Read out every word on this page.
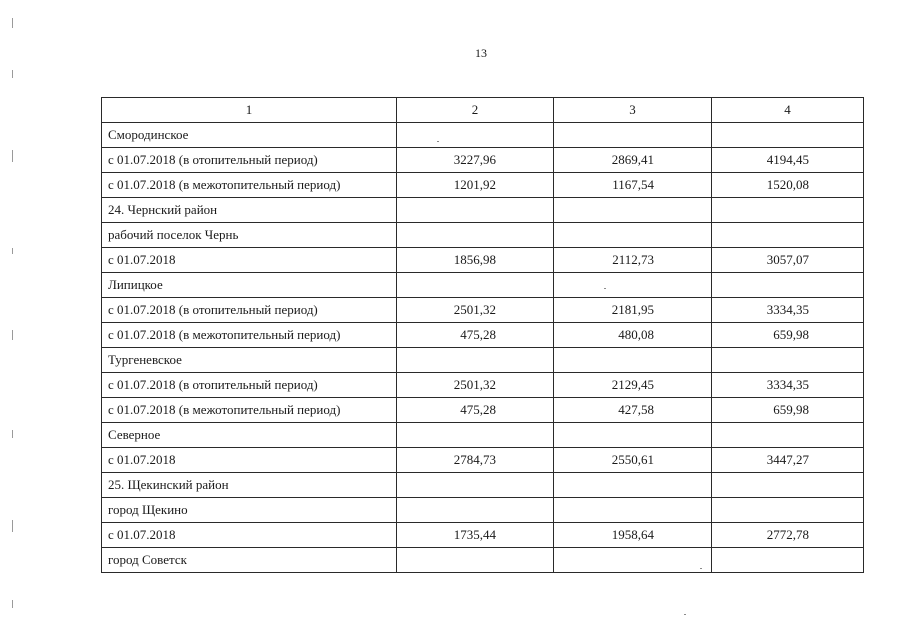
13
1	2	3	4
Смородинское			
с 01.07.2018 (в отопительный период)	3227,96	2869,41	4194,45
с 01.07.2018 (в межотопительный период)	1201,92	1167,54	1520,08
24. Чернский район			
рабочий поселок Чернь			
с 01.07.2018	1856,98	2112,73	3057,07
Липицкое			
с 01.07.2018 (в отопительный период)	2501,32	2181,95	3334,35
с 01.07.2018 (в межотопительный период)	475,28	480,08	659,98
Тургеневское			
с 01.07.2018 (в отопительный период)	2501,32	2129,45	3334,35
с 01.07.2018 (в межотопительный период)	475,28	427,58	659,98
Северное			
с 01.07.2018	2784,73	2550,61	3447,27
25. Щекинский район			
город Щекино			
с 01.07.2018	1735,44	1958,64	2772,78
город Советск			
